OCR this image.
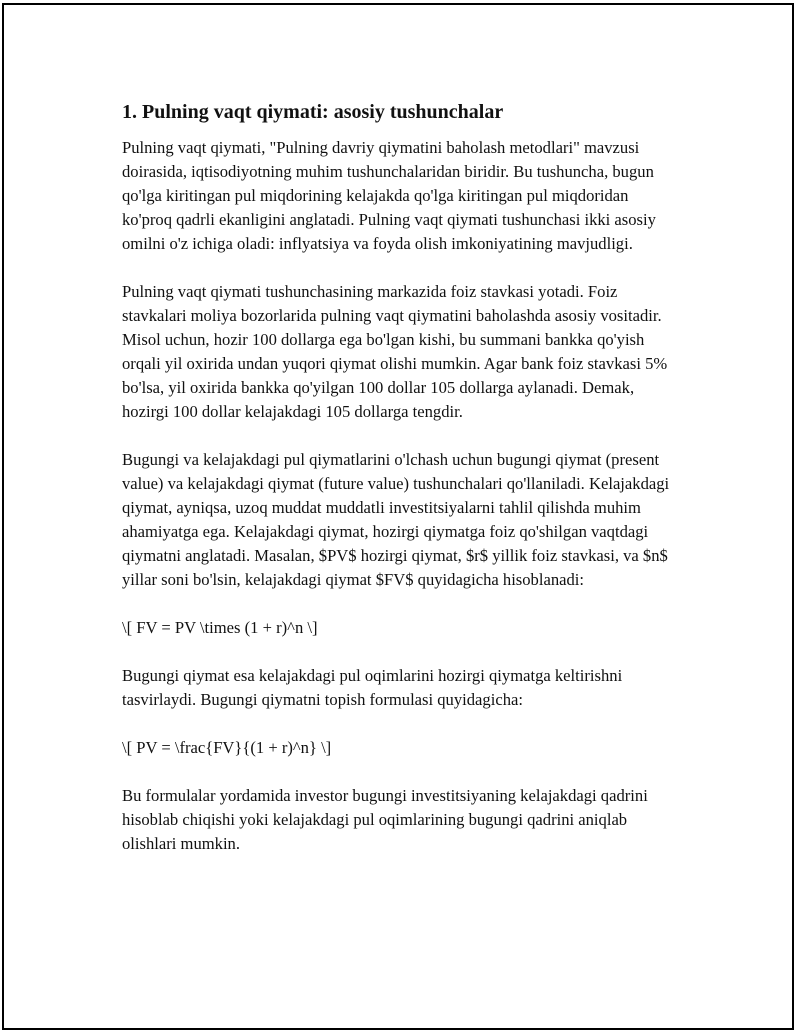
1. Pulning vaqt qiymati: asosiy tushunchalar

Pulning vaqt qiymati, "Pulning davriy qiymatini baholash metodlari" mavzusi doirasida, iqtisodiyotning muhim tushunchalaridan biridir. Bu tushuncha, bugun qo'lga kiritingan pul miqdorining kelajakda qo'lga kiritingan pul miqdoridan ko'proq qadrli ekanligini anglatadi. Pulning vaqt qiymati tushunchasi ikki asosiy omilni o'z ichiga oladi: inflyatsiya va foyda olish imkoniyatining mavjudligi.

Pulning vaqt qiymati tushunchasining markazida foiz stavkasi yotadi. Foiz stavkalari moliya bozorlarida pulning vaqt qiymatini baholashda asosiy vositadir. Misol uchun, hozir 100 dollarga ega bo'lgan kishi, bu summani bankka qo'yish orqali yil oxirida undan yuqori qiymat olishi mumkin. Agar bank foiz stavkasi 5% bo'lsa, yil oxirida bankka qo'yilgan 100 dollar 105 dollarga aylanadi. Demak, hozirgi 100 dollar kelajakdagi 105 dollarga tengdir.

Bugungi va kelajakdagi pul qiymatlarini o'lchash uchun bugungi qiymat (present value) va kelajakdagi qiymat (future value) tushunchalari qo'llaniladi. Kelajakdagi qiymat, ayniqsa, uzoq muddat muddatli investitsiyalarni tahlil qilishda muhim ahamiyatga ega. Kelajakdagi qiymat, hozirgi qiymatga foiz qo'shilgan vaqtdagi qiymatni anglatadi. Masalan, $PV$ hozirgi qiymat, $r$ yillik foiz stavkasi, va $n$ yillar soni bo'lsin, kelajakdagi qiymat $FV$ quyidagicha hisoblanadi:

\[ FV = PV \times (1 + r)^n \]

Bugungi qiymat esa kelajakdagi pul oqimlarini hozirgi qiymatga keltirishni tasvirlaydi. Bugungi qiymatni topish formulasi quyidagicha:

\[ PV = \frac{FV}{(1 + r)^n} \]

Bu formulalar yordamida investor bugungi investitsiyaning kelajakdagi qadrini hisoblab chiqishi yoki kelajakdagi pul oqimlarining bugungi qadrini aniqlab olishlari mumkin.
